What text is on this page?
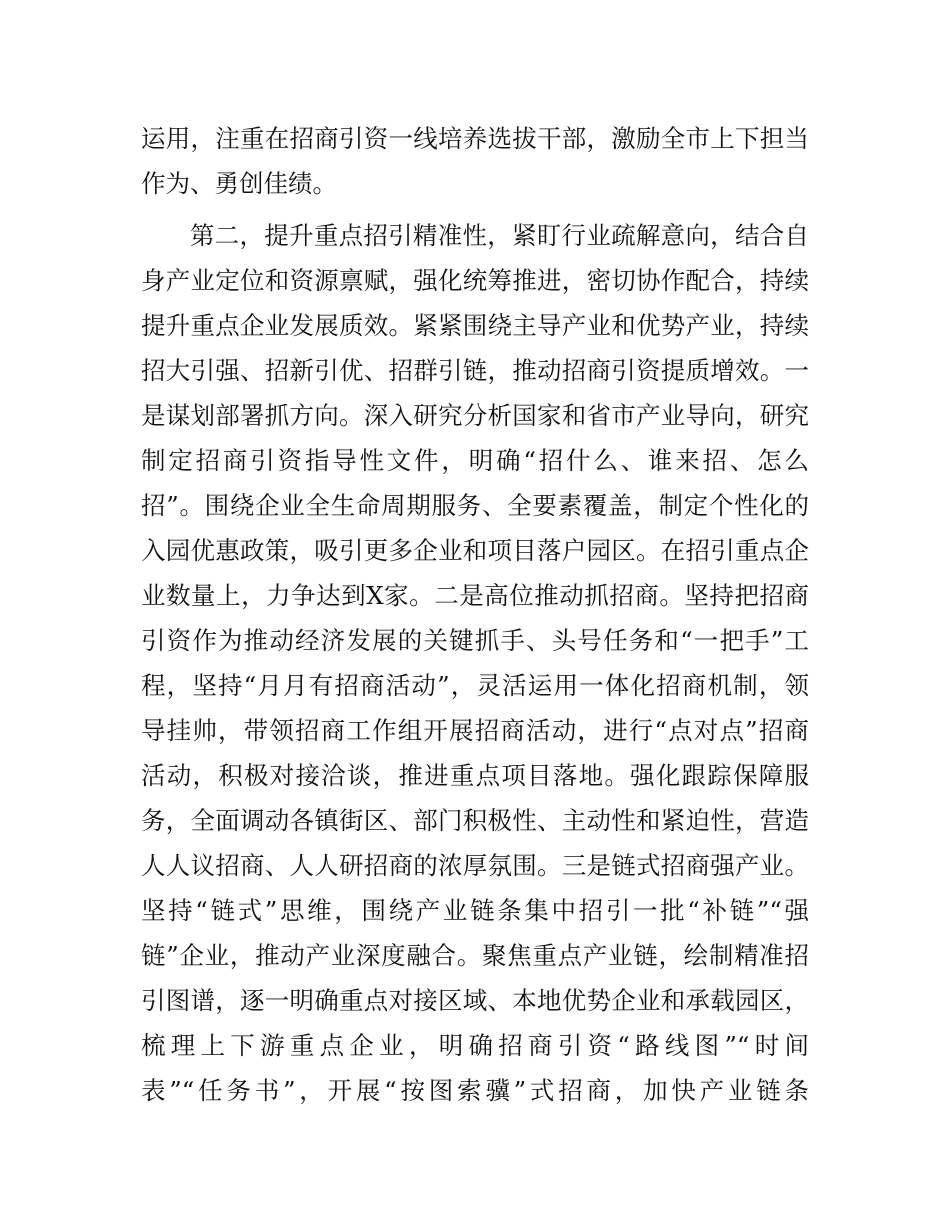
运用，注重在招商引资一线培养选拔干部，激励全市上下担当
作为、勇创佳绩。
第二，提升重点招引精准性，紧盯行业疏解意向，结合自
身产业定位和资源禀赋，强化统筹推进，密切协作配合，持续
提升重点企业发展质效。紧紧围绕主导产业和优势产业，持续
招大引强、招新引优、招群引链，推动招商引资提质增效。一
是谋划部署抓方向。深入研究分析国家和省市产业导向，研究
制定招商引资指导性文件，明确“招什么、谁来招、怎么
招”。围绕企业全生命周期服务、全要素覆盖，制定个性化的
入园优惠政策，吸引更多企业和项目落户园区。在招引重点企
业数量上，力争达到X家。二是高位推动抓招商。坚持把招商
引资作为推动经济发展的关键抓手、头号任务和“一把手”工
程，坚持“月月有招商活动”，灵活运用一体化招商机制，领
导挂帅，带领招商工作组开展招商活动，进行“点对点”招商
活动，积极对接洽谈，推进重点项目落地。强化跟踪保障服
务，全面调动各镇街区、部门积极性、主动性和紧迫性，营造
人人议招商、人人研招商的浓厚氛围。三是链式招商强产业。
坚持“链式”思维，围绕产业链条集中招引一批“补链”“强
链”企业，推动产业深度融合。聚焦重点产业链，绘制精准招
引图谱，逐一明确重点对接区域、本地优势企业和承载园区，
梳理上下游重点企业，明确招商引资“路线图”“时间
表”“任务书”，开展“按图索骥”式招商，加快产业链条
